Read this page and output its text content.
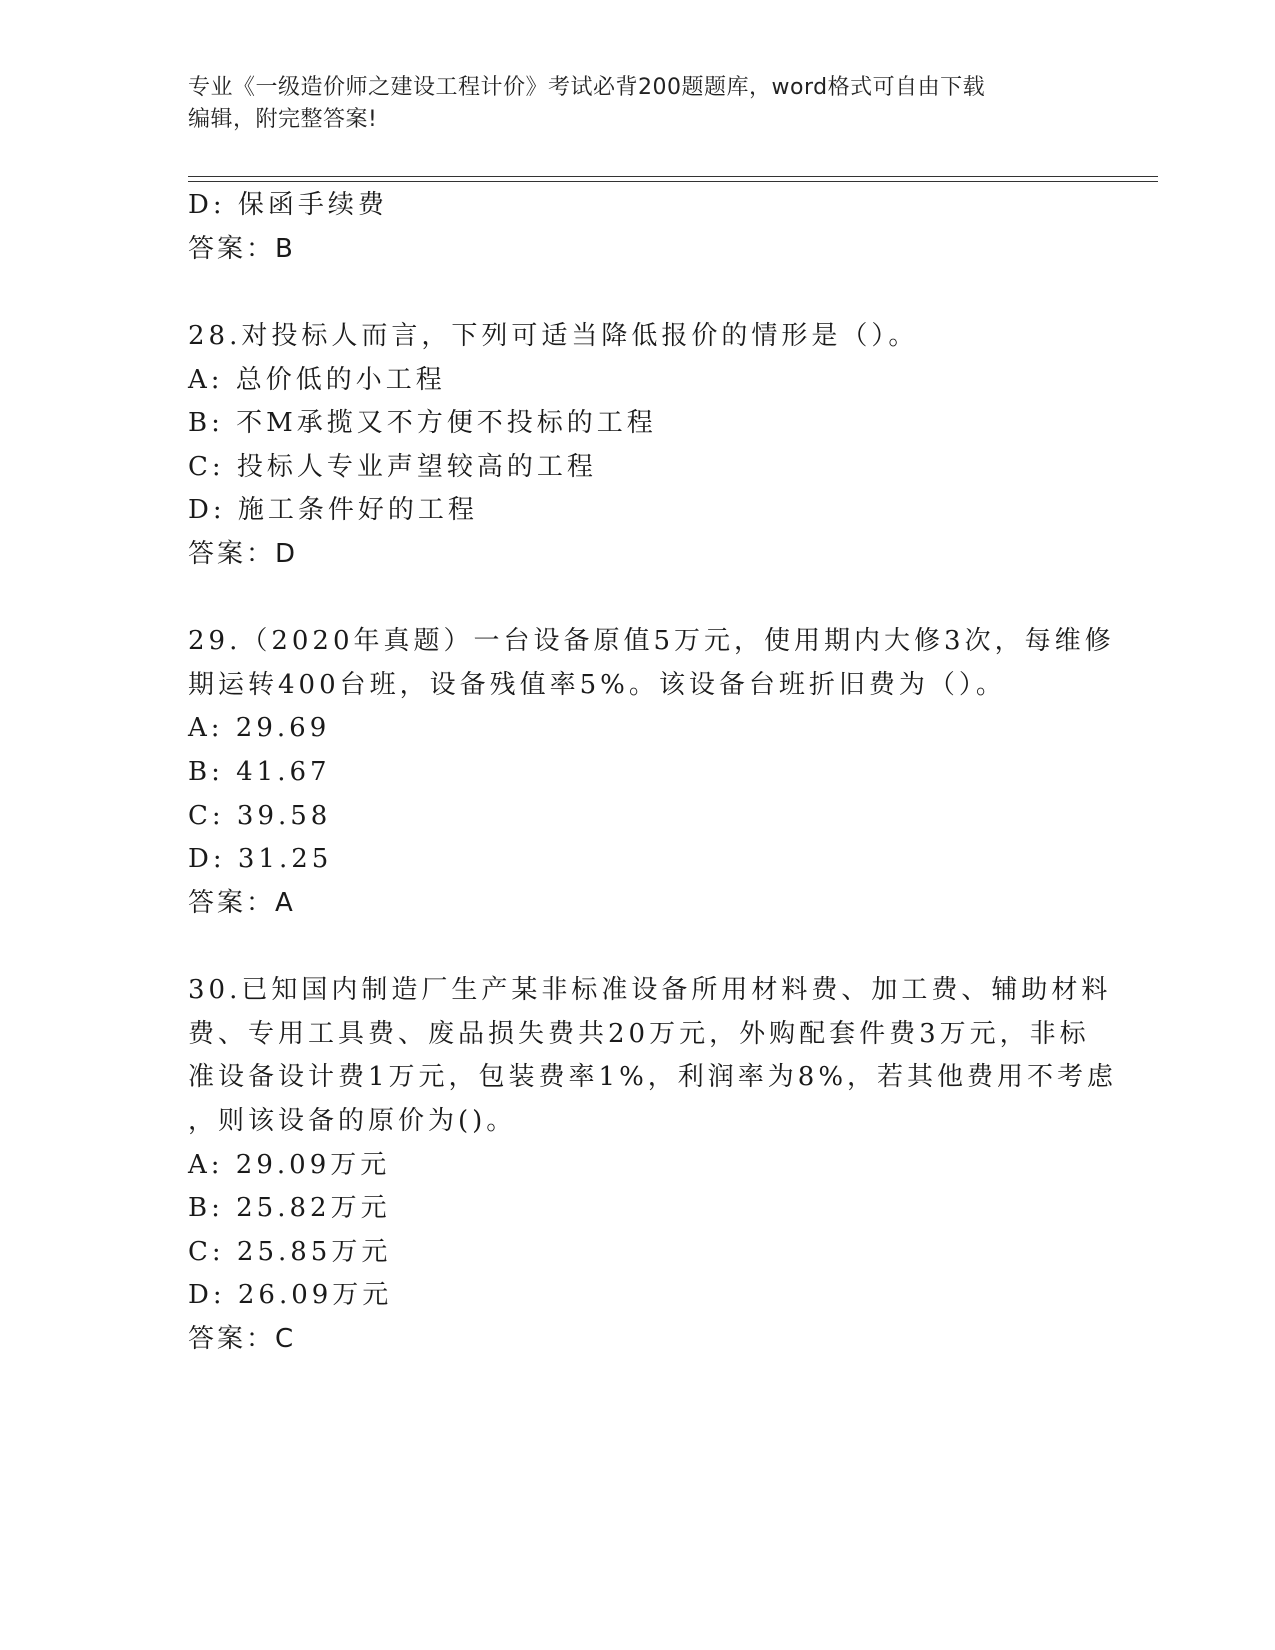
专业《一级造价师之建设工程计价》考试必背200题题库，word格式可自由下载
编辑，附完整答案!
D: 保函手续费
答案：B
28.对投标人而言，下列可适当降低报价的情形是（）。
A: 总价低的小工程
B: 不M承揽又不方便不投标的工程
C: 投标人专业声望较高的工程
D: 施工条件好的工程
答案：D
29.（2020年真题）一台设备原值5万元，使用期内大修3次，每维修
期运转400台班，设备残值率5%。该设备台班折旧费为（）。
A: 29.69
B: 41.67
C: 39.58
D: 31.25
答案：A
30.已知国内制造厂生产某非标准设备所用材料费、加工费、辅助材料
费、专用工具费、废品损失费共20万元，外购配套件费3万元，非标
准设备设计费1万元，包装费率1%，利润率为8%，若其他费用不考虑
，则该设备的原价为()。
A: 29.09万元
B: 25.82万元
C: 25.85万元
D: 26.09万元
答案：C
